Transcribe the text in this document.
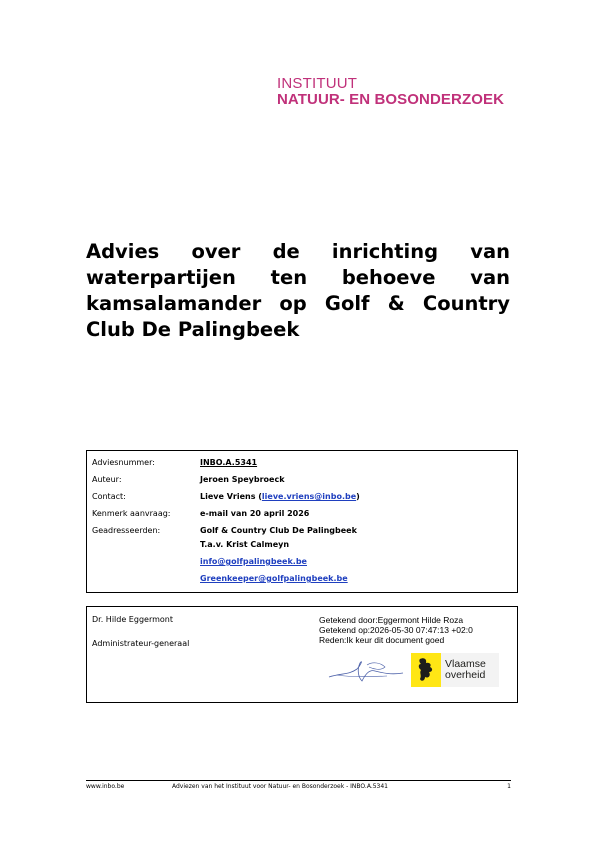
INSTITUUT
NATUUR- EN BOSONDERZOEK
Advies over de inrichting van waterpartijen ten behoeve van kamsalamander op Golf & Country Club De Palingbeek
Adviesnummer:	INBO.A.5341
Auteur:	Jeroen Speybroeck
Contact:	Lieve Vriens (lieve.vriens@inbo.be)
Kenmerk aanvraag:	e-mail van 20 april 2026
Geadresseerden:	Golf & Country Club De Palingbeek
T.a.v. Krist Calmeyn
info@golfpalingbeek.be
Greenkeeper@golfpalingbeek.be
Dr. Hilde Eggermont
Administrateur-generaal
Getekend door:Eggermont Hilde Roza
Getekend op:2026-05-30 07:47:13 +02:0
Reden:Ik keur dit document goed
Vlaamse
overheid
www.inbo.be	Adviezen van het Instituut voor Natuur- en Bosonderzoek - INBO.A.5341	1
